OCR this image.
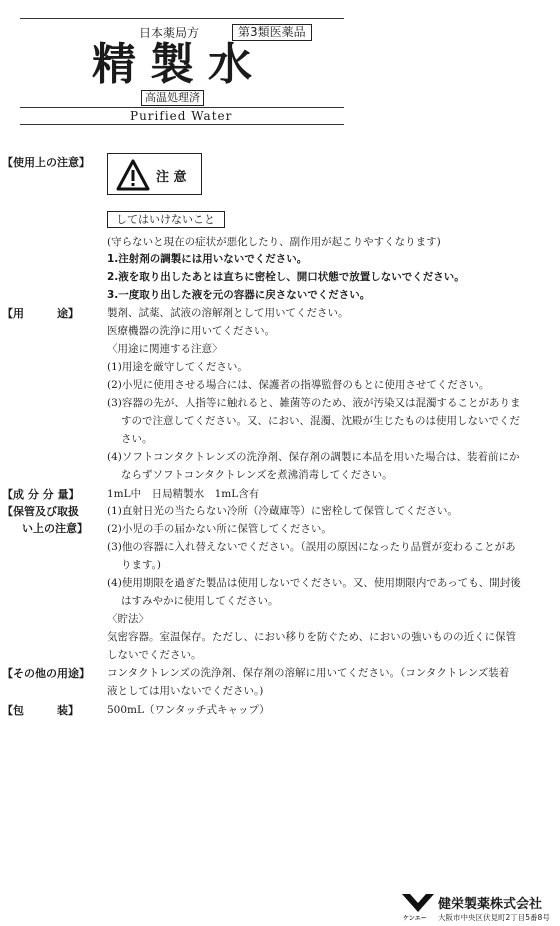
日本薬局方	第3類医薬品
精製水
高温処理済
Purified Water
【使用上の注意】
注 意
してはいけないこと
(守らないと現在の症状が悪化したり、副作用が起こりやすくなります)
1.注射剤の調製には用いないでください。
2.液を取り出したあとは直ちに密栓し、開口状態で放置しないでください。
3.一度取り出した液を元の容器に戻さないでください。
【用　　　途】	製剤、試薬、試液の溶解剤として用いてください。
医療機器の洗浄に用いてください。
〈用途に関連する注意〉
(1)用途を厳守してください。
(2)小児に使用させる場合には、保護者の指導監督のもとに使用させてください。
(3)容器の先が、人指等に触れると、雑菌等のため、液が汚染又は混濁することがありま
すので注意してください。又、におい、混濁、沈殿が生じたものは使用しないでくだ
さい。
(4)ソフトコンタクトレンズの洗浄剤、保存剤の調製に本品を用いた場合は、装着前にか
ならずソフトコンタクトレンズを煮沸消毒してください。
【成 分 分 量】	1mL中　日局精製水　1mL含有
【保管及び取扱
い上の注意】
(1)直射日光の当たらない冷所（冷蔵庫等）に密栓して保管してください。
(2)小児の手の届かない所に保管してください。
(3)他の容器に入れ替えないでください。（誤用の原因になったり品質が変わることがあ
ります。)
(4)使用期限を過ぎた製品は使用しないでください。又、使用期限内であっても、開封後
はすみやかに使用してください。
〈貯法〉
気密容器。室温保存。ただし、におい移りを防ぐため、においの強いものの近くに保管
しないでください。
【その他の用途】 コンタクトレンズの洗浄剤、保存剤の溶解に用いてください。（コンタクトレンズ装着
液としては用いないでください。)
【包　　　装】	500mL（ワンタッチ式キャップ）
ケンエー
健栄製薬株式会社
大阪市中央区伏見町2丁目5番8号
